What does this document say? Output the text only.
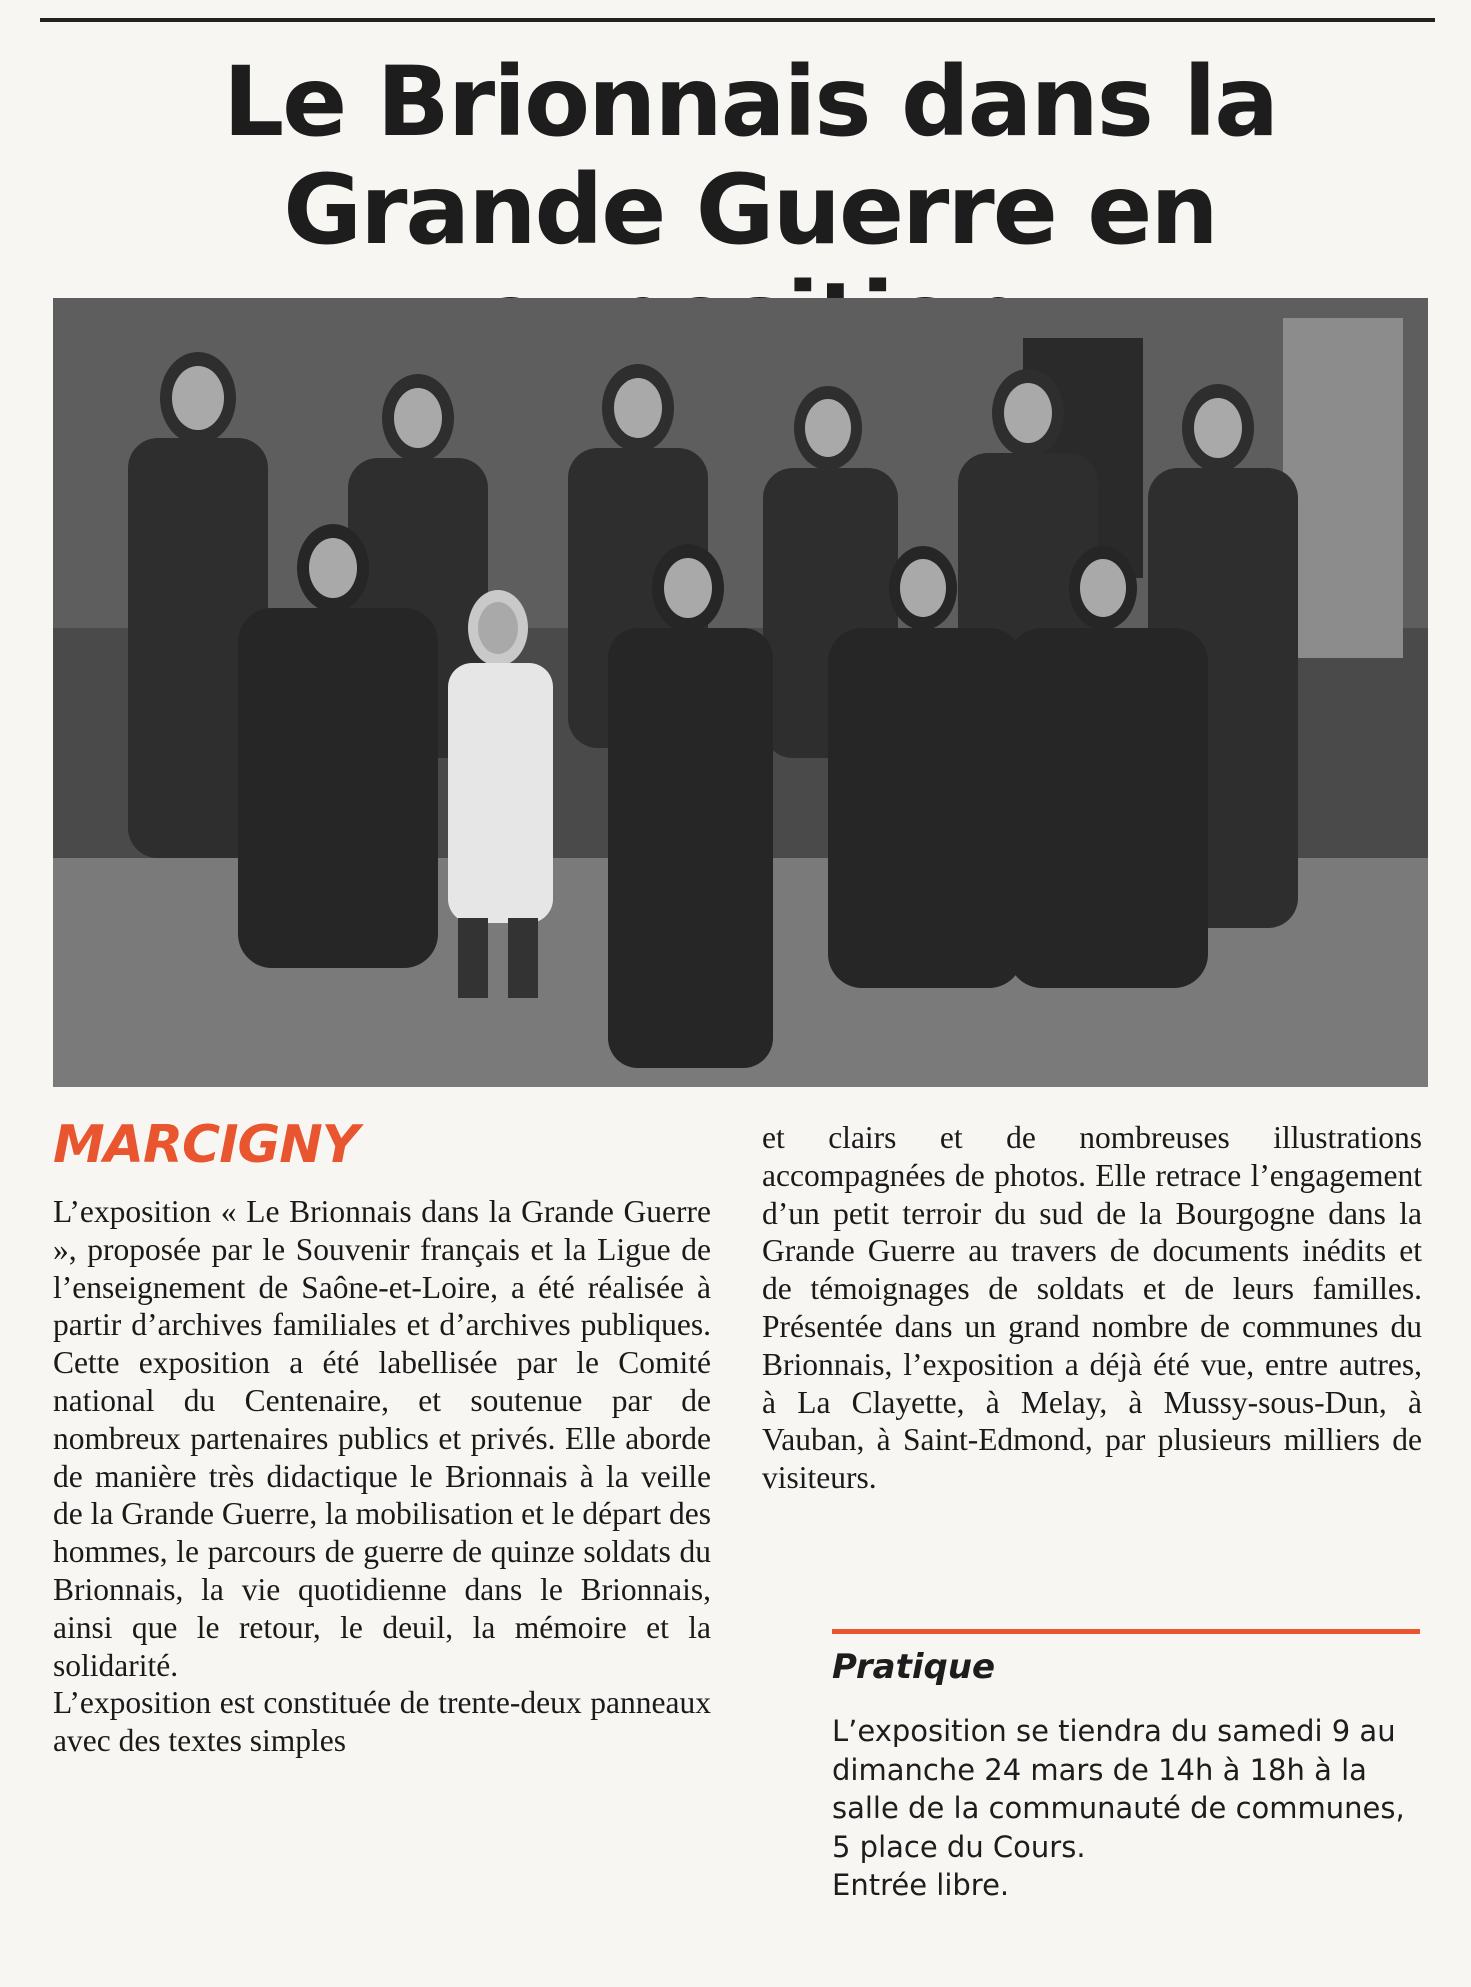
Le Brionnais dans la Grande Guerre en
MARCIGNY

L’exposition « Le Brionnais dans la Grande Guerre », proposée par le Souvenir français et la Ligue de l’enseignement de Saône-et-Loire, a été réalisée à partir d’archives familiales et d’archives publiques. Cette exposition a été labellisée par le Comité national du Centenaire, et soutenue par de nombreux partenaires publics et privés. Elle aborde de manière très didactique le Brionnais à la veille de la Grande Guerre, la mobilisation et le départ des hommes, le parcours de guerre de quinze soldats du Brionnais, la vie quotidienne dans le Brionnais, ainsi que le retour, le deuil, la mémoire et la solidarité.

L’exposition est constituée de trente-deux panneaux avec des textes simples

et clairs et de nombreuses illustrations accompagnées de photos. Elle retrace l’engagement d’un petit terroir du sud de la Bourgogne dans la Grande Guerre au travers de documents inédits et de témoignages de soldats et de leurs familles. Présentée dans un grand nombre de communes du Brionnais, l’exposition a déjà été vue, entre autres, à La Clayette, à Melay, à Mussy-sous-Dun, à Vauban, à Saint-Edmond, par plusieurs milliers de visiteurs.

Pratique

L’exposition se tiendra du samedi 9 au dimanche 24 mars de 14h à 18h à la salle de la communauté de communes, 5 place du Cours.

Entrée libre.
